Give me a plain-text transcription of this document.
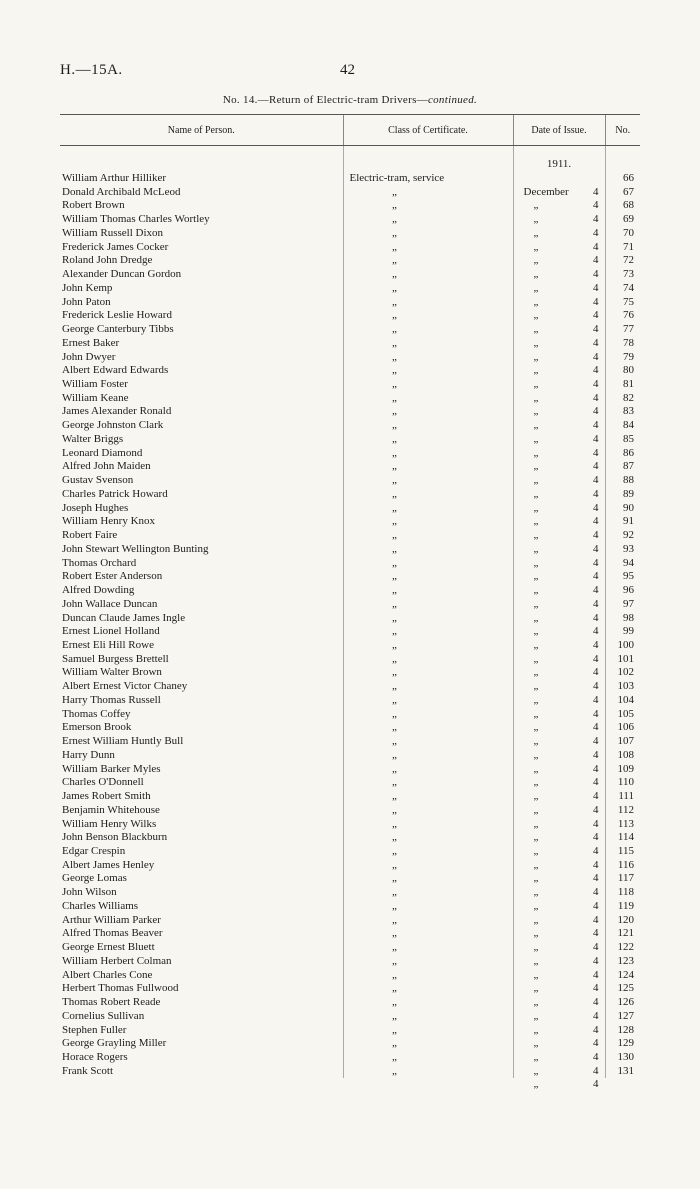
H.—15A.	42
No. 14.—Return of Electric-tram Drivers—continued.
Name of Person.	Class of Certificate.	Date of Issue.	No.

		1911.	
William Arthur Hilliker	Electric-tram, service	December 4	66
Donald Archibald McLeod	„	„ 4	67
Robert Brown	„	„ 4	68
William Thomas Charles Wortley	„	„ 4	69
William Russell Dixon	„	„ 4	70
Frederick James Cocker	„	„ 4	71
Roland John Dredge	„	„ 4	72
Alexander Duncan Gordon	„	„ 4	73
John Kemp	„	„ 4	74
John Paton	„	„ 4	75
Frederick Leslie Howard	„	„ 4	76
George Canterbury Tibbs	„	„ 4	77
Ernest Baker	„	„ 4	78
John Dwyer	„	„ 4	79
Albert Edward Edwards	„	„ 4	80
William Foster	„	„ 4	81
William Keane	„	„ 4	82
James Alexander Ronald	„	„ 4	83
George Johnston Clark	„	„ 4	84
Walter Briggs	„	„ 4	85
Leonard Diamond	„	„ 4	86
Alfred John Maiden	„	„ 4	87
Gustav Svenson	„	„ 4	88
Charles Patrick Howard	„	„ 4	89
Joseph Hughes	„	„ 4	90
William Henry Knox	„	„ 4	91
Robert Faire	„	„ 4	92
John Stewart Wellington Bunting	„	„ 4	93
Thomas Orchard	„	„ 4	94
Robert Ester Anderson	„	„ 4	95
Alfred Dowding	„	„ 4	96
John Wallace Duncan	„	„ 4	97
Duncan Claude James Ingle	„	„ 4	98
Ernest Lionel Holland	„	„ 4	99
Ernest Eli Hill Rowe	„	„ 4	100
Samuel Burgess Brettell	„	„ 4	101
William Walter Brown	„	„ 4	102
Albert Ernest Victor Chaney	„	„ 4	103
Harry Thomas Russell	„	„ 4	104
Thomas Coffey	„	„ 4	105
Emerson Brook	„	„ 4	106
Ernest William Huntly Bull	„	„ 4	107
Harry Dunn	„	„ 4	108
William Barker Myles	„	„ 4	109
Charles O'Donnell	„	„ 4	110
James Robert Smith	„	„ 4	111
Benjamin Whitehouse	„	„ 4	112
William Henry Wilks	„	„ 4	113
John Benson Blackburn	„	„ 4	114
Edgar Crespin	„	„ 4	115
Albert James Henley	„	„ 4	116
George Lomas	„	„ 4	117
John Wilson	„	„ 4	118
Charles Williams	„	„ 4	119
Arthur William Parker	„	„ 4	120
Alfred Thomas Beaver	„	„ 4	121
George Ernest Bluett	„	„ 4	122
William Herbert Colman	„	„ 4	123
Albert Charles Cone	„	„ 4	124
Herbert Thomas Fullwood	„	„ 4	125
Thomas Robert Reade	„	„ 4	126
Cornelius Sullivan	„	„ 4	127
Stephen Fuller	„	„ 4	128
George Grayling Miller	„	„ 4	129
Horace Rogers	„	„ 4	130
Frank Scott	„	„ 4	131
